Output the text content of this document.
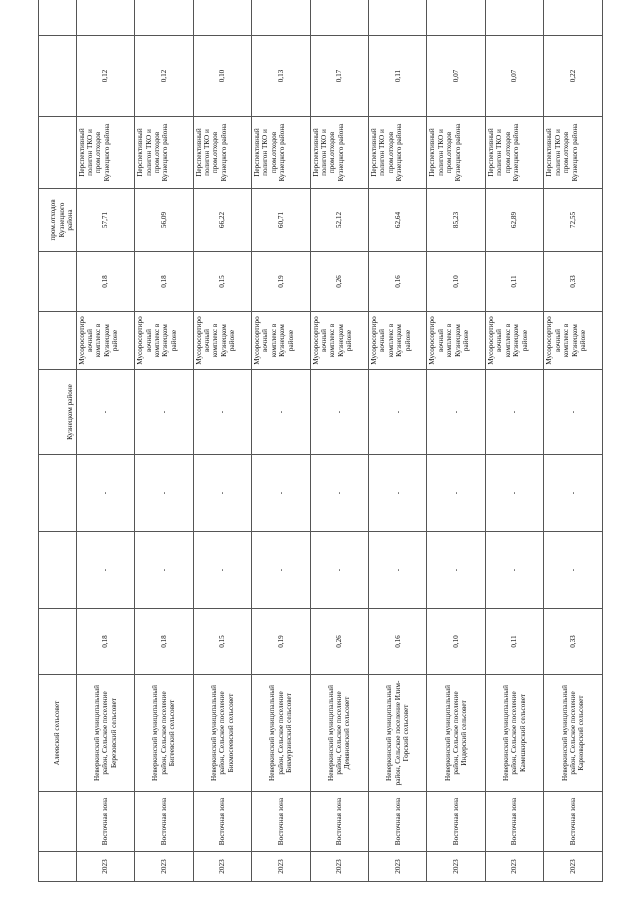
		Алеевский сельсовет				Кузнецком районе			пром.отходов Кузнецкого района			
2023	Восточная зона	Неверкинский муниципальный район, Сельское поселение Березовский сельсовет	0,18	-	-	-	Мусоросортировочный комплекс в Кузнецком районе	0,18	57,71	Перспективный полигон ТКО и пром.отходов Кузнецкого района	0,12	
2023	Восточная зона	Неверкинский муниципальный район, Сельское поселение Бигеевский сельсовет	0,18	-	-	-	Мусоросортировочный комплекс в Кузнецком районе	0,18	56,09	Перспективный полигон ТКО и пром.отходов Кузнецкого района	0,12	
2023	Восточная зона	Неверкинский муниципальный район, Сельское поселение Бикмосеевский сельсовет	0,15	-	-	-	Мусоросортировочный комплекс в Кузнецком районе	0,15	66,22	Перспективный полигон ТКО и пром.отходов Кузнецкого района	0,10	
2023	Восточная зона	Неверкинский муниципальный район, Сельское поселение Бикмурзинский сельсовет	0,19	-	-	-	Мусоросортировочный комплекс в Кузнецком районе	0,19	60,71	Перспективный полигон ТКО и пром.отходов Кузнецкого района	0,13	
2023	Восточная зона	Неверкинский муниципальный район, Сельское поселение Демяновский сельсовет	0,26	-	-	-	Мусоросортировочный комплекс в Кузнецком районе	0,26	52,12	Перспективный полигон ТКО и пром.отходов Кузнецкого района	0,17	
2023	Восточная зона	Неверкинский муниципальный район, Сельское поселение Илим-Горский сельсовет	0,16	-	-	-	Мусоросортировочный комплекс в Кузнецком районе	0,16	62,64	Перспективный полигон ТКО и пром.отходов Кузнецкого района	0,11	
2023	Восточная зона	Неверкинский муниципальный район, Сельское поселение Индерский сельсовет	0,10	-	-	-	Мусоросортировочный комплекс в Кузнецком районе	0,10	85,23	Перспективный полигон ТКО и пром.отходов Кузнецкого района	0,07	
2023	Восточная зона	Неверкинский муниципальный район, Сельское поселение Камешкирский сельсовет	0,11	-	-	-	Мусоросортировочный комплекс в Кузнецком районе	0,11	62,89	Перспективный полигон ТКО и пром.отходов Кузнецкого района	0,07	
2023	Восточная зона	Неверкинский муниципальный район, Сельское поселение Карноварский сельсовет	0,33	-	-	-	Мусоросортировочный комплекс в Кузнецком районе	0,33	72,55	Перспективный полигон ТКО и пром.отходов Кузнецкого района	0,22	
